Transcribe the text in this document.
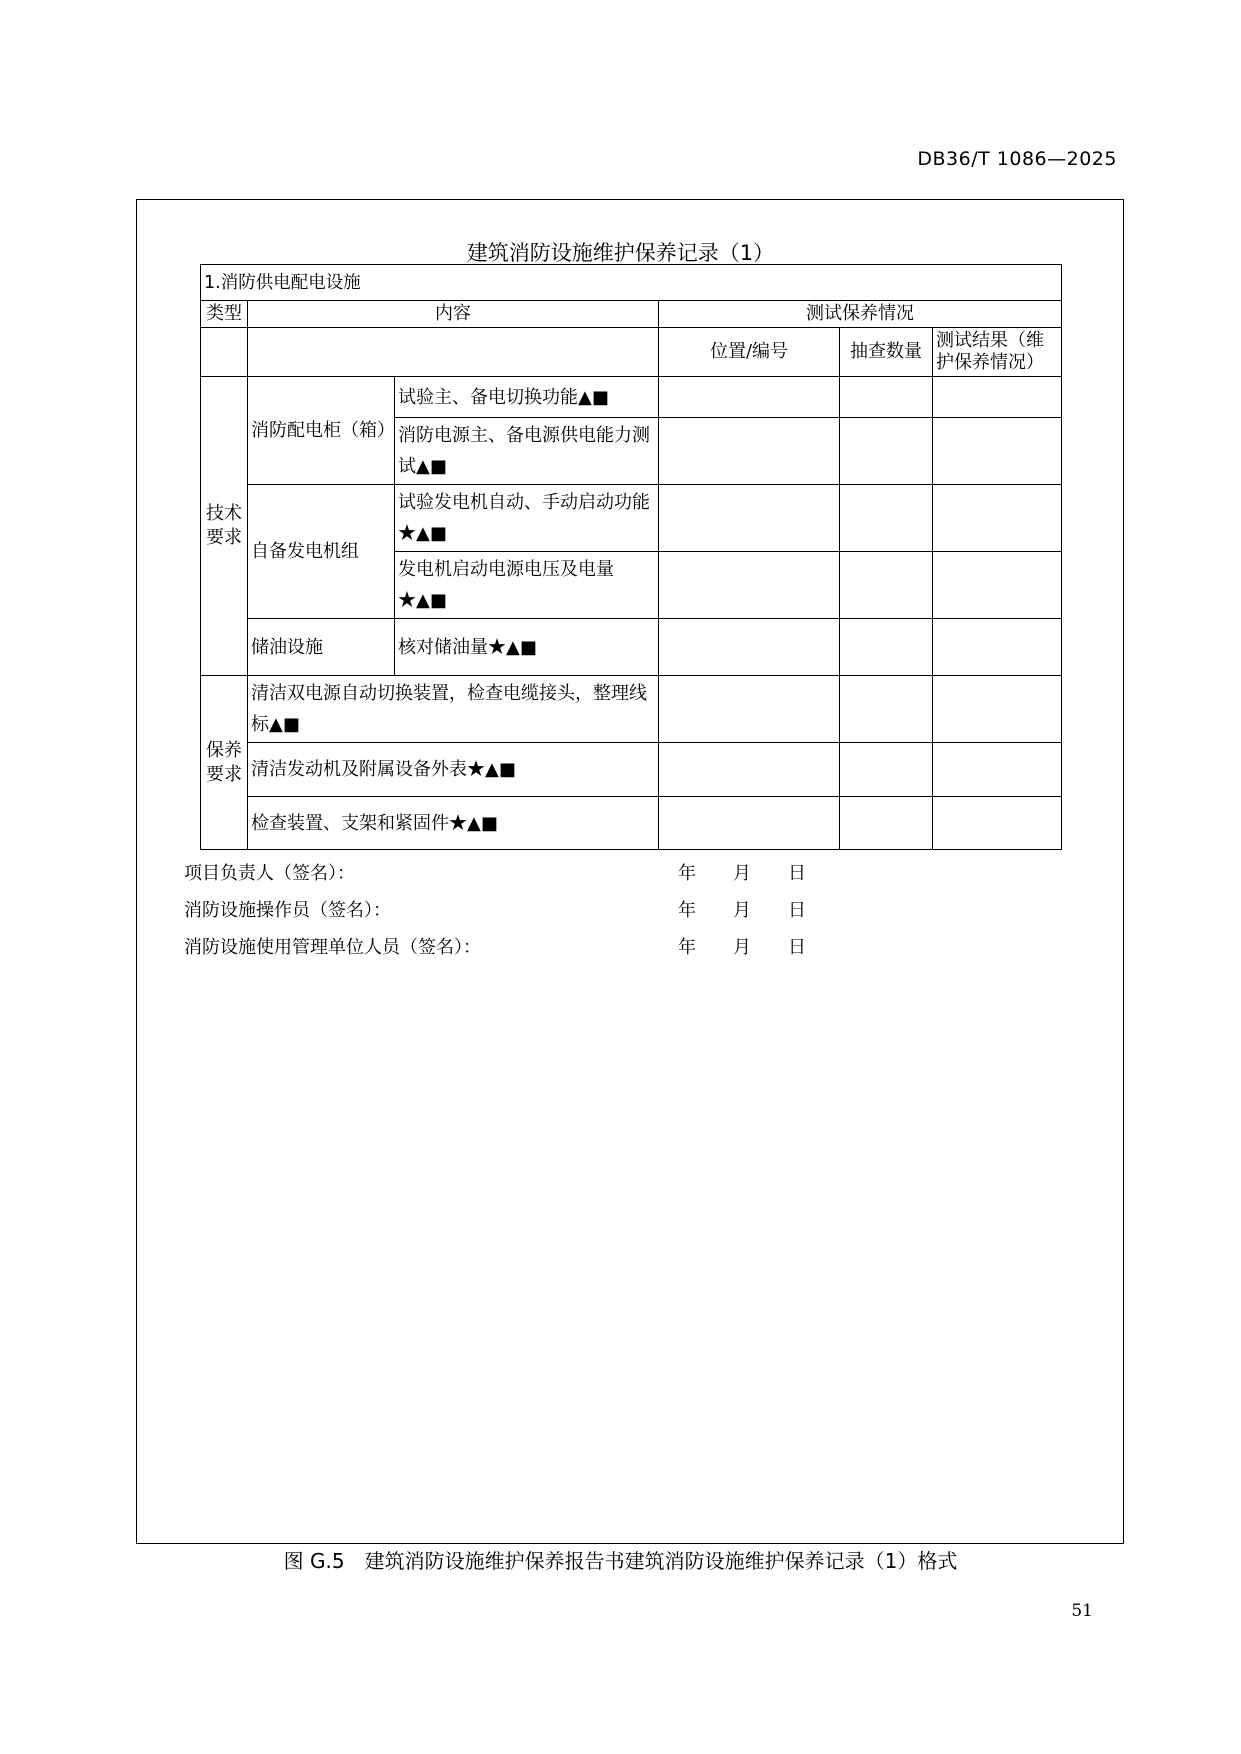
DB36/T 1086—2025
建筑消防设施维护保养记录（1）
1.消防供电配电设施					
类型	内容		测试保养情况		
			位置/编号	抽查数量	测试结果（维护保养情况）
技术要求	消防配电柜（箱）	试验主、备电切换功能▲■			
		消防电源主、备电源供电能力测试▲■			
	自备发电机组	试验发电机自动、手动启动功能★▲■			
		发电机启动电源电压及电量★▲■			
	储油设施	核对储油量★▲■			
保养要求	清洁双电源自动切换装置，检查电缆接头，整理线标▲■				
	清洁发动机及附属设备外表★▲■				
	检查装置、支架和紧固件★▲■				
项目负责人（签名）：	年 月 日
消防设施操作员（签名）：	年 月 日
消防设施使用管理单位人员（签名）：	年 月 日
图 G.5　建筑消防设施维护保养报告书建筑消防设施维护保养记录（1）格式
51
